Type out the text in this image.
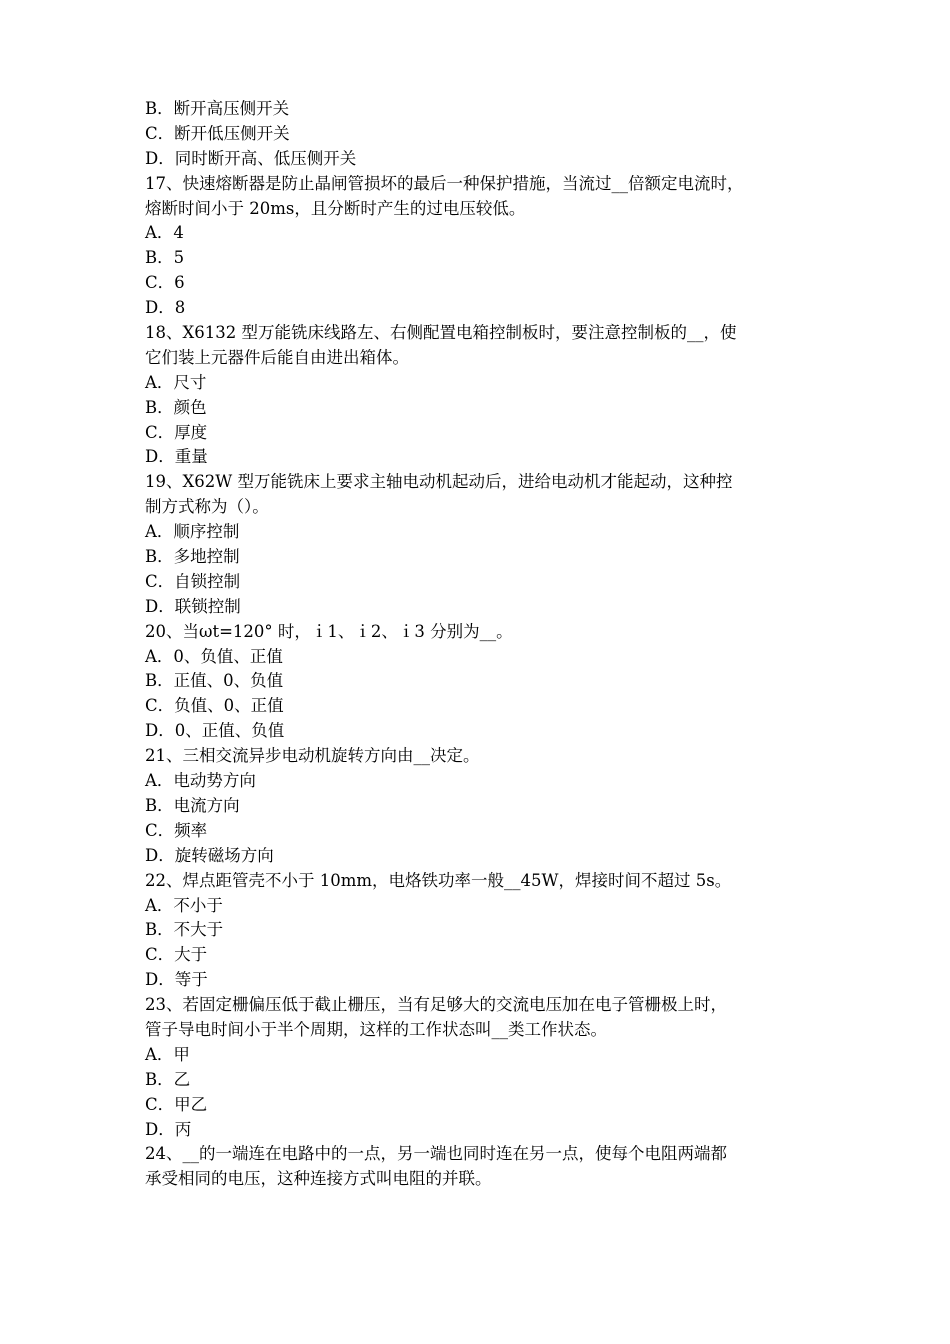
B．断开高压侧开关
C．断开低压侧开关
D．同时断开高、低压侧开关
17、快速熔断器是防止晶闸管损坏的最后一种保护措施，当流过__倍额定电流时，
熔断时间小于 20ms，且分断时产生的过电压较低。
A．4
B．5
C．6
D．8
18、X6132 型万能铣床线路左、右侧配置电箱控制板时，要注意控制板的__，使
它们装上元器件后能自由进出箱体。
A．尺寸
B．颜色
C．厚度
D．重量
19、X62W 型万能铣床上要求主轴电动机起动后，进给电动机才能起动，这种控
制方式称为（）。
A．顺序控制
B．多地控制
C．自锁控制
D．联锁控制
20、当ωt=120° 时，ｉ1、ｉ2、ｉ3 分别为__。
A．0、负值、正值
B．正值、0、负值
C．负值、0、正值
D．0、正值、负值
21、三相交流异步电动机旋转方向由__决定。
A．电动势方向
B．电流方向
C．频率
D．旋转磁场方向
22、焊点距管壳不小于 10mm，电烙铁功率一般__45W，焊接时间不超过 5s。
A．不小于
B．不大于
C．大于
D．等于
23、若固定栅偏压低于截止栅压，当有足够大的交流电压加在电子管栅极上时，
管子导电时间小于半个周期，这样的工作状态叫__类工作状态。
A．甲
B．乙
C．甲乙
D．丙
24、__的一端连在电路中的一点，另一端也同时连在另一点，使每个电阻两端都
承受相同的电压，这种连接方式叫电阻的并联。
